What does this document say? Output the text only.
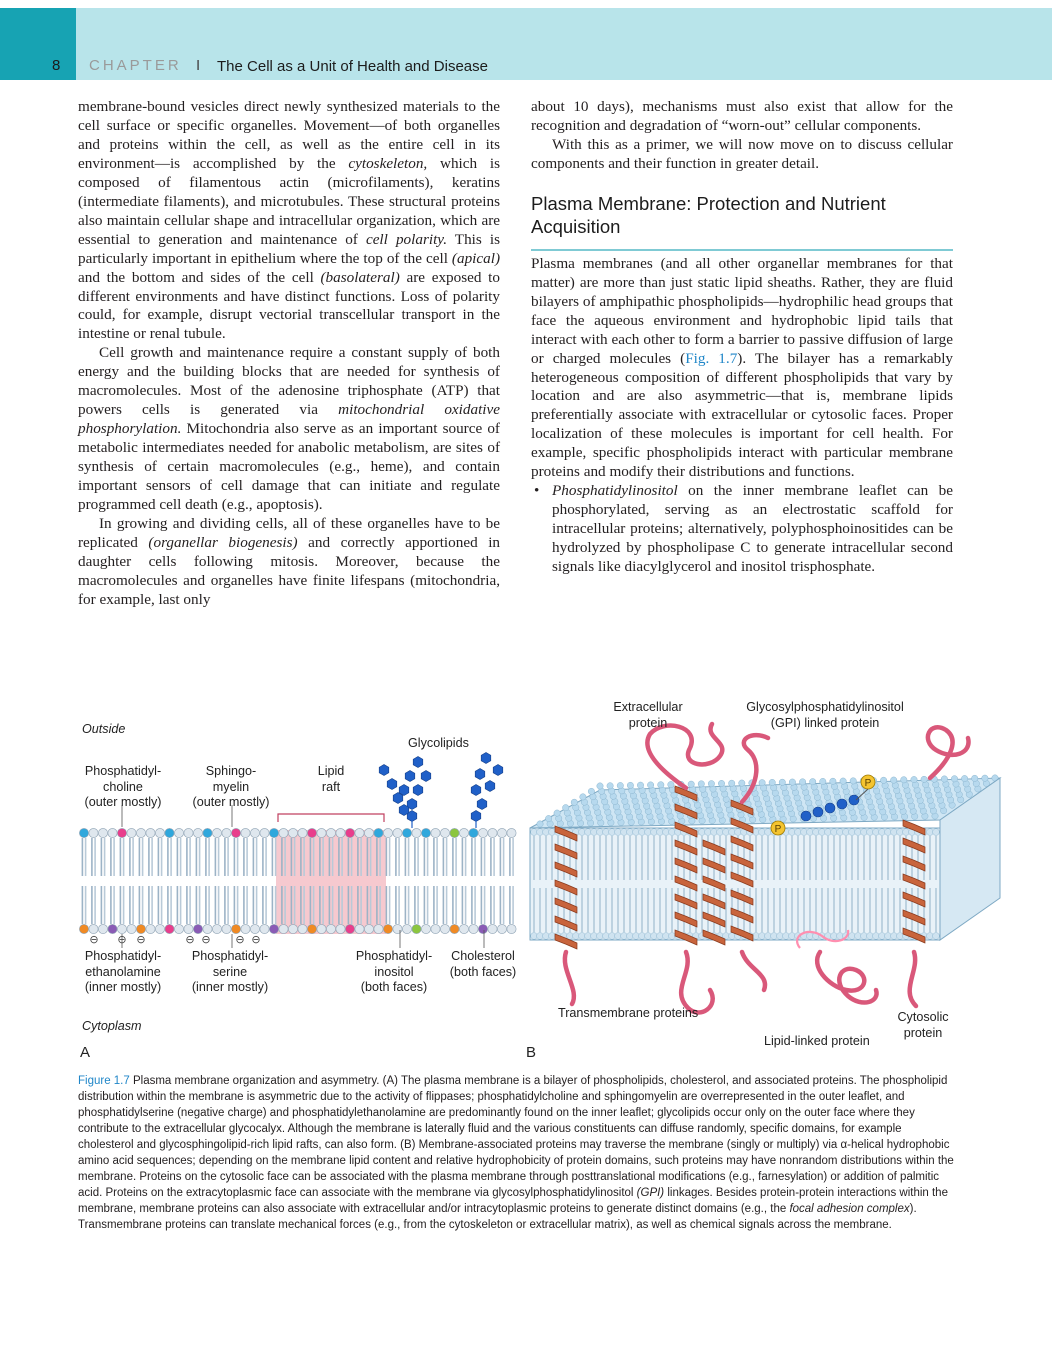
8 CHAPTER I The Cell as a Unit of Health and Disease

membrane-bound vesicles direct newly synthesized materials to the cell surface or specific organelles. Movement—of both organelles and proteins within the cell, as well as the entire cell in its environment—is accomplished by the cytoskeleton, which is composed of filamentous actin (microfilaments), keratins (intermediate filaments), and microtubules. These structural proteins also maintain cellular shape and intracellular organization, which are essential to generation and maintenance of cell polarity. This is particularly important in epithelium where the top of the cell (apical) and the bottom and sides of the cell (basolateral) are exposed to different environments and have distinct functions. Loss of polarity could, for example, disrupt vectorial transcellular transport in the intestine or renal tubule.

Cell growth and maintenance require a constant supply of both energy and the building blocks that are needed for synthesis of macromolecules. Most of the adenosine triphosphate (ATP) that powers cells is generated via mitochondrial oxidative phosphorylation. Mitochondria also serve as an important source of metabolic intermediates needed for anabolic metabolism, are sites of synthesis of certain macromolecules (e.g., heme), and contain important sensors of cell damage that can initiate and regulate programmed cell death (e.g., apoptosis).

In growing and dividing cells, all of these organelles have to be replicated (organellar biogenesis) and correctly apportioned in daughter cells following mitosis. Moreover, because the macromolecules and organelles have finite lifespans (mitochondria, for example, last only

about 10 days), mechanisms must also exist that allow for the recognition and degradation of “worn-out” cellular components.

With this as a primer, we will now move on to discuss cellular components and their function in greater detail.

Plasma Membrane: Protection and Nutrient Acquisition

Plasma membranes (and all other organellar membranes for that matter) are more than just static lipid sheaths. Rather, they are fluid bilayers of amphipathic phospholipids—hydrophilic head groups that face the aqueous environment and hydrophobic lipid tails that interact with each other to form a barrier to passive diffusion of large or charged molecules (Fig. 1.7). The bilayer has a remarkably heterogeneous composition of different phospholipids that vary by location and are also asymmetric—that is, membrane lipids preferentially associate with extracellular or cytosolic faces. Proper localization of these molecules is important for cell health. For example, specific phospholipids interact with particular membrane proteins and modify their distributions and functions.

• Phosphatidylinositol on the inner membrane leaflet can be phosphorylated, serving as an electrostatic scaffold for intracellular proteins; alternatively, polyphosphoinositides can be hydrolyzed by phospholipase C to generate intracellular second signals like diacylglycerol and inositol trisphosphate.
⊖ ⊖ ⊖	⊖ ⊖ ⊖ ⊖
P
P
Outside
Glycolipids
Phosphatidyl-
choline
(outer mostly)
Sphingo-
myelin
(outer mostly)
Lipid
raft
Phosphatidyl-
ethanolamine
(inner mostly)
Phosphatidyl-
serine
(inner mostly)
Phosphatidyl-
inositol
(both faces)
Cholesterol
(both faces)
Cytoplasm
A
Extracellular
protein
Glycosylphosphatidylinositol
(GPI) linked protein
Transmembrane proteins
Lipid-linked protein
Cytosolic
protein
B
Figure 1.7 Plasma membrane organization and asymmetry. (A) The plasma membrane is a bilayer of phospholipids, cholesterol, and associated proteins. The phospholipid distribution within the membrane is asymmetric due to the activity of flippases; phosphatidylcholine and sphingomyelin are overrepresented in the outer leaflet, and phosphatidylserine (negative charge) and phosphatidylethanolamine are predominantly found on the inner leaflet; glycolipids occur only on the outer face where they contribute to the extracellular glycocalyx. Although the membrane is laterally fluid and the various constituents can diffuse randomly, specific domains, for example cholesterol and glycosphingolipid-rich lipid rafts, can also form. (B) Membrane-associated proteins may traverse the membrane (singly or multiply) via α-helical hydrophobic amino acid sequences; depending on the membrane lipid content and relative hydrophobicity of protein domains, such proteins may have nonrandom distributions within the membrane. Proteins on the cytosolic face can be associated with the plasma membrane through posttranslational modifications (e.g., farnesylation) or addition of palmitic acid. Proteins on the extracytoplasmic face can associate with the membrane via glycosylphosphatidylinositol (GPI) linkages. Besides protein-protein interactions within the membrane, membrane proteins can also associate with extracellular and/or intracytoplasmic proteins to generate distinct domains (e.g., the focal adhesion complex). Transmembrane proteins can translate mechanical forces (e.g., from the cytoskeleton or extracellular matrix), as well as chemical signals across the membrane.
